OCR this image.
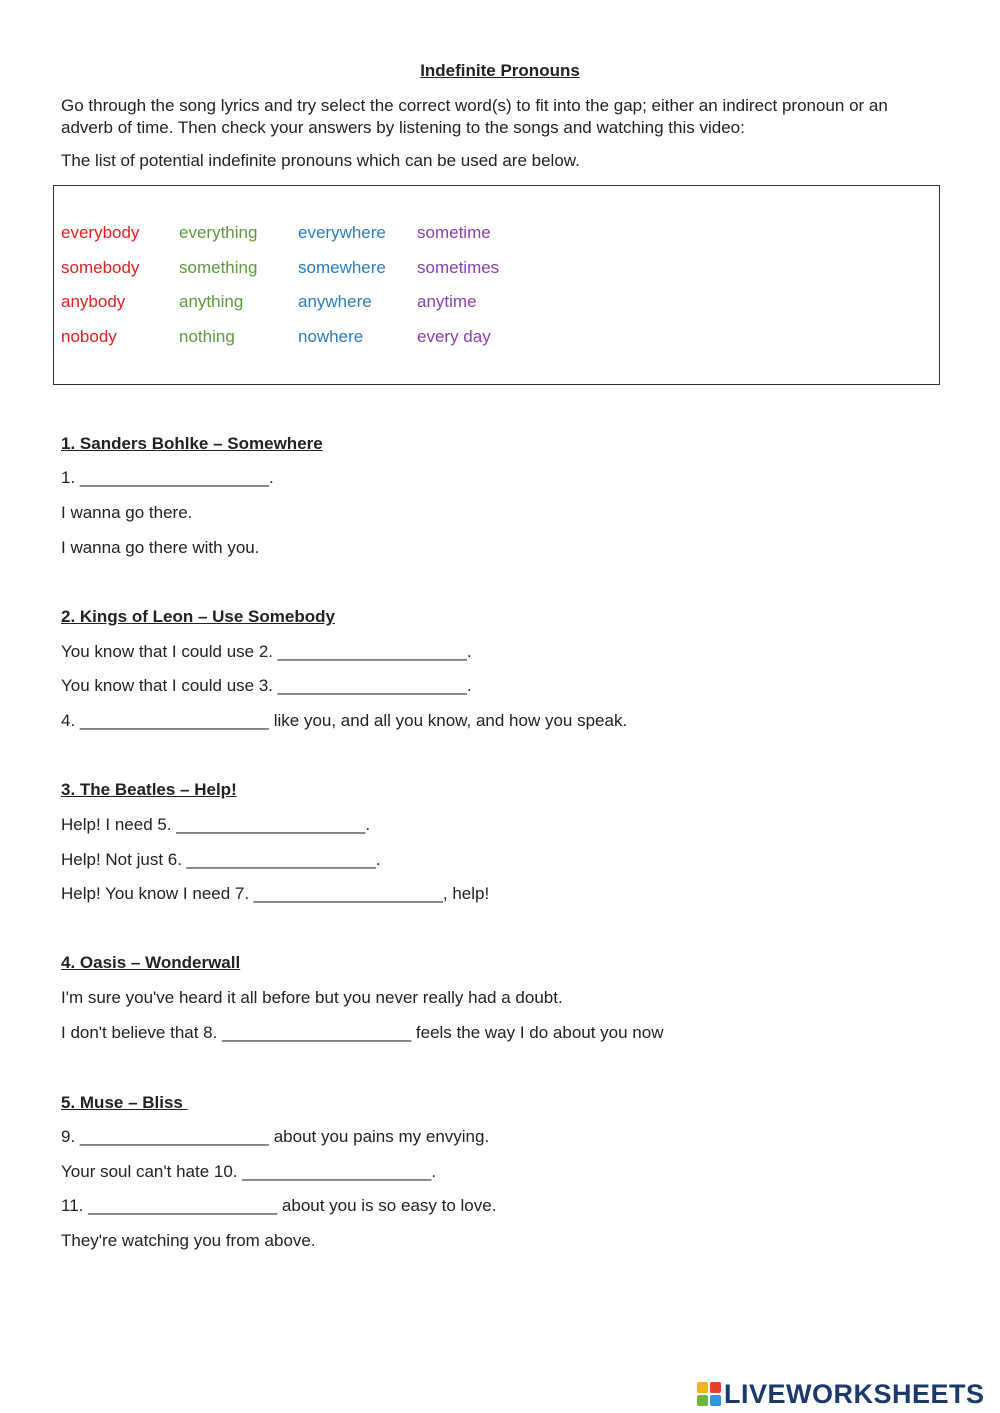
Indefinite Pronouns
Go through the song lyrics and try select the correct word(s) to fit into the gap; either an indirect pronoun or an adverb of time. Then check your answers by listening to the songs and watching this video:
The list of potential indefinite pronouns which can be used are below.
everybody
somebody
anybody
nobody
everything
something
anything
nothing
everywhere
somewhere
anywhere
nowhere
sometime
sometimes
anytime
every day
1. Sanders Bohlke – Somewhere
1. ____________________.
I wanna go there.
I wanna go there with you.
2. Kings of Leon – Use Somebody
You know that I could use 2. ____________________.
You know that I could use 3. ____________________.
4. ____________________ like you, and all you know, and how you speak.
3. The Beatles – Help!
Help! I need 5. ____________________.
Help! Not just 6. ____________________.
Help! You know I need 7. ____________________, help!
4. Oasis – Wonderwall
I'm sure you've heard it all before but you never really had a doubt.
I don't believe that 8. ____________________ feels the way I do about you now
5. Muse – Bliss
9. ____________________ about you pains my envying.
Your soul can't hate 10. ____________________.
11. ____________________ about you is so easy to love.
They're watching you from above.
LIVEWORKSHEETS
